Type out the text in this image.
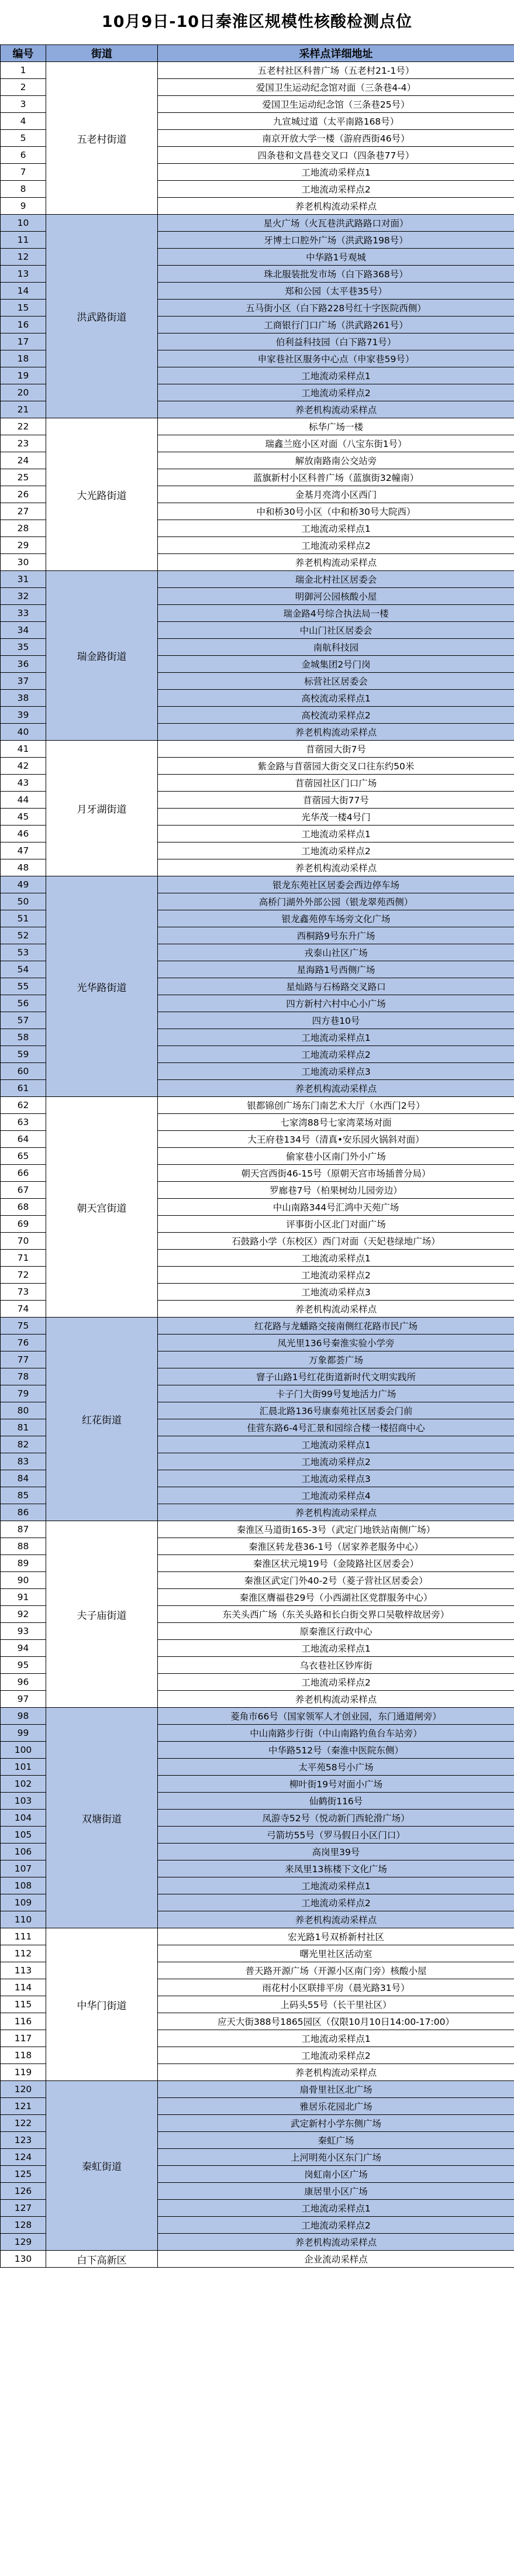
10月9日-10日秦淮区规模性核酸检测点位
编号	街道	采样点详细地址
1	五老村街道	五老村社区科普广场（五老村21-1号）
2		爱国卫生运动纪念馆对面（三条巷4-4）
3		爱国卫生运动纪念馆（三条巷25号）
4		九宣城过道（太平南路168号）
5		南京开放大学一楼（游府西街46号）
6		四条巷和文昌巷交叉口（四条巷77号）
7		工地流动采样点1
8		工地流动采样点2
9		养老机构流动采样点
10	洪武路街道	星火广场（火瓦巷洪武路路口对面）
11		牙博士口腔外广场（洪武路198号）
12		中华路1号观城
13		珠北服装批发市场（白下路368号）
14		郑和公园（太平巷35号）
15		五马街小区（白下路228号红十字医院西侧）
16		工商银行门口广场（洪武路261号）
17		伯利益科技园（白下路71号）
18		申家巷社区服务中心点（申家巷59号）
19		工地流动采样点1
20		工地流动采样点2
21		养老机构流动采样点
22	大光路街道	标华广场一楼
23		瑞鑫兰庭小区对面（八宝东街1号）
24		解放南路南公交站旁
25		蓝旗新村小区科普广场（蓝旗街32幢南）
26		金基月亮湾小区西门
27		中和桥30号小区（中和桥30号大院西）
28		工地流动采样点1
29		工地流动采样点2
30		养老机构流动采样点
31	瑞金路街道	瑞金北村社区居委会
32		明御河公园核酸小屋
33		瑞金路4号综合执法局一楼
34		中山门社区居委会
35		南航科技园
36		金城集团2号门岗
37		标营社区居委会
38		高校流动采样点1
39		高校流动采样点2
40		养老机构流动采样点
41	月牙湖街道	苜蓿园大街7号
42		紫金路与苜蓿园大街交叉口往东约50米
43		苜蓿园社区门口广场
44		苜蓿园大街77号
45		光华茂一楼4号门
46		工地流动采样点1
47		工地流动采样点2
48		养老机构流动采样点
49	光华路街道	银龙东苑社区居委会西边停车场
50		高桥门湖外外部公园（银龙翠苑西侧）
51		银龙鑫苑停车场旁文化广场
52		西桐路9号东升广场
53		戎泰山社区广场
54		星海路1号西侧广场
55		星灿路与石杨路交叉路口
56		四方新村六村中心小广场
57		四方巷10号
58		工地流动采样点1
59		工地流动采样点2
60		工地流动采样点3
61		养老机构流动采样点
62	朝天宫街道	银都锦创广场东门南艺术大厅（水西门2号）
63		七家湾88号七家湾菜场对面
64		大王府巷134号（清真•安乐园火锅斜对面）
65		偷家巷小区南门外小广场
66		朝天宫西街46-15号（原朝天宫市场插普分局）
67		罗廊巷7号（柏果树幼儿园旁边）
68		中山南路344号汇鸿中天苑广场
69		评事街小区北门对面广场
70		石鼓路小学（东校区）西门对面（天妃巷绿地广场）
71		工地流动采样点1
72		工地流动采样点2
73		工地流动采样点3
74		养老机构流动采样点
75	红花街道	红花路与龙蟠路交接南侧红花路市民广场
76		凤光里136号秦淮实验小学旁
77		万象都荟广场
78		窨子山路1号红花街道新时代文明实践所
79		卡子门大街99号复地活力广场
80		汇晨北路136号康泰苑社区居委会门前
81		佳营东路6-4号汇景和园综合楼一楼招商中心
82		工地流动采样点1
83		工地流动采样点2
84		工地流动采样点3
85		工地流动采样点4
86		养老机构流动采样点
87	夫子庙街道	秦淮区马道街165-3号（武定门地铁站南侧广场）
88		秦淮区转龙巷36-1号（居家养老服务中心）
89		秦淮区状元境19号（金陵路社区居委会）
90		秦淮区武定门外40-2号（菱子营社区居委会）
91		秦淮区膺福巷29号（小西湖社区党群服务中心）
92		东关头西广场（东关头路和长白街交界口吴敬梓故居旁）
93		原秦淮区行政中心
94		工地流动采样点1
95		乌衣巷社区钞库街
96		工地流动采样点2
97		养老机构流动采样点
98	双塘街道	菱角市66号（国家领军人才创业园，东门通道闸旁）
99		中山南路步行街（中山南路钓鱼台车站旁）
100		中华路512号（秦淮中医院东侧）
101		太平苑58号小广场
102		柳叶街19号对面小广场
103		仙鹤街116号
104		凤游寺52号（悦动新门西轮滑广场）
105		弓箭坊55号（罗马假日小区门口）
106		高岗里39号
107		来凤里13栋楼下文化广场
108		工地流动采样点1
109		工地流动采样点2
110		养老机构流动采样点
111	中华门街道	宏光路1号双桥新村社区
112		曙光里社区活动室
113		普天路开源广场（开源小区南门旁）核酸小屋
114		雨花村小区联排平房（晨光路31号）
115		上码头55号（长干里社区）
116		应天大街388号1865园区（仅限10月10日14:00-17:00）
117		工地流动采样点1
118		工地流动采样点2
119		养老机构流动采样点
120	秦虹街道	扇骨里社区北广场
121		雅居乐花园北广场
122		武定新村小学东侧广场
123		秦虹广场
124		上河明苑小区东门广场
125		岗虹南小区广场
126		康居里小区广场
127		工地流动采样点1
128		工地流动采样点2
129		养老机构流动采样点
130	白下高新区	企业流动采样点
